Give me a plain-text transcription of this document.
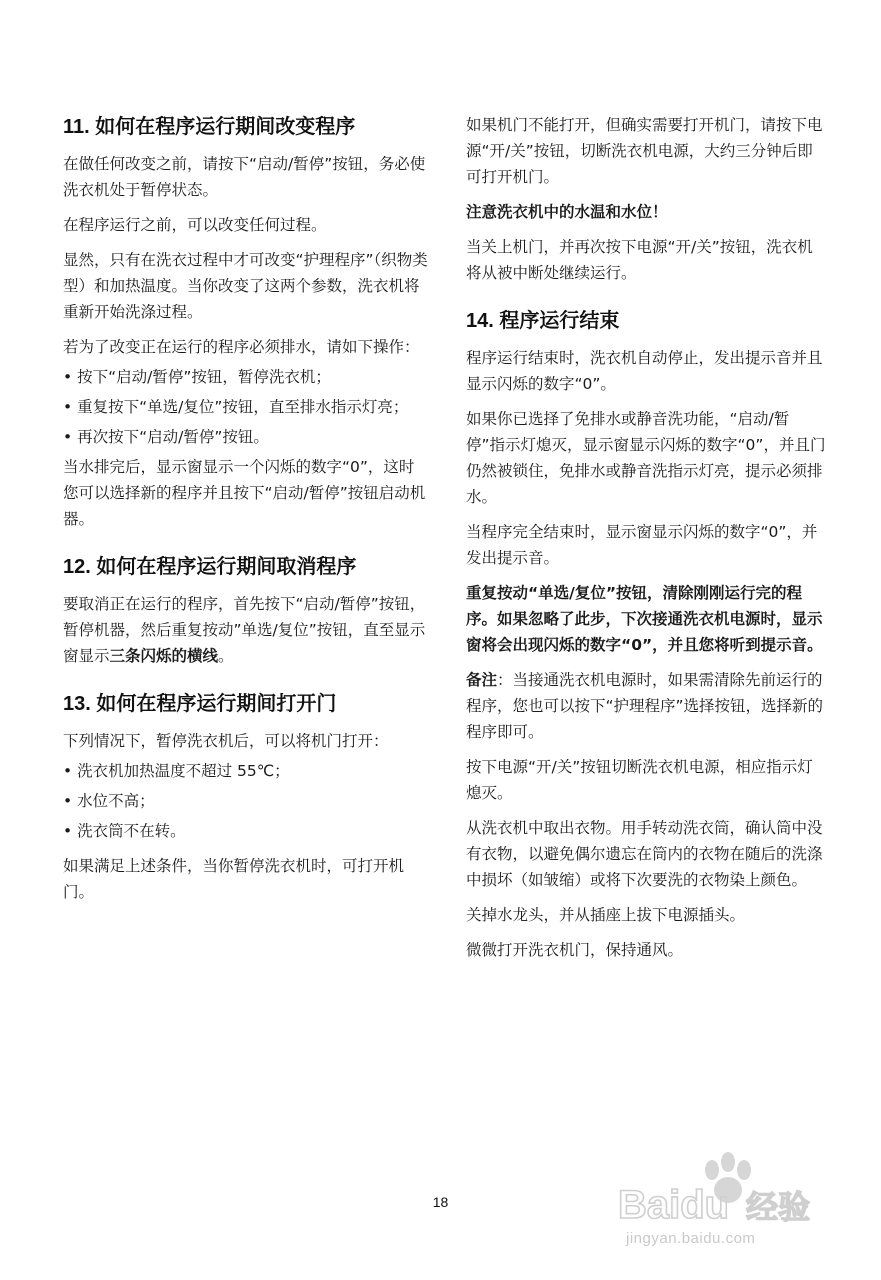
11. 如何在程序运行期间改变程序

在做任何改变之前，请按下“启动/暂停”按钮，务必使洗衣机处于暂停状态。

在程序运行之前，可以改变任何过程。

显然，只有在洗衣过程中才可改变“护理程序”（织物类型）和加热温度。当你改变了这两个参数，洗衣机将重新开始洗涤过程。

若为了改变正在运行的程序必须排水，请如下操作：

• 按下“启动/暂停”按钮，暂停洗衣机；

• 重复按下“单选/复位”按钮，直至排水指示灯亮；

• 再次按下“启动/暂停”按钮。

当水排完后，显示窗显示一个闪烁的数字“0”，这时您可以选择新的程序并且按下“启动/暂停”按钮启动机器。

12. 如何在程序运行期间取消程序

要取消正在运行的程序，首先按下“启动/暂停”按钮，暂停机器，然后重复按动”单选/复位”按钮，直至显示窗显示三条闪烁的横线。

13. 如何在程序运行期间打开门

下列情况下，暂停洗衣机后，可以将机门打开：

• 洗衣机加热温度不超过 55℃；

• 水位不高；

• 洗衣筒不在转。

如果满足上述条件，当你暂停洗衣机时，可打开机门。

如果机门不能打开，但确实需要打开机门，请按下电源“开/关”按钮，切断洗衣机电源，大约三分钟后即可打开机门。

注意洗衣机中的水温和水位！

当关上机门，并再次按下电源“开/关”按钮，洗衣机将从被中断处继续运行。

14. 程序运行结束

程序运行结束时，洗衣机自动停止，发出提示音并且显示闪烁的数字“0”。

如果你已选择了免排水或静音洗功能，“启动/暂停”指示灯熄灭，显示窗显示闪烁的数字“0”，并且门仍然被锁住，免排水或静音洗指示灯亮，提示必须排水。

当程序完全结束时，显示窗显示闪烁的数字“0”，并发出提示音。

重复按动“单选/复位”按钮，清除刚刚运行完的程序。如果忽略了此步，下次接通洗衣机电源时，显示窗将会出现闪烁的数字“0”，并且您将听到提示音。

备注：当接通洗衣机电源时，如果需清除先前运行的程序，您也可以按下“护理程序”选择按钮，选择新的程序即可。

按下电源“开/关”按钮切断洗衣机电源，相应指示灯熄灭。

从洗衣机中取出衣物。用手转动洗衣筒，确认筒中没有衣物，以避免偶尔遗忘在筒内的衣物在随后的洗涤中损坏（如皱缩）或将下次要洗的衣物染上颜色。

关掉水龙头，并从插座上拔下电源插头。

微微打开洗衣机门，保持通风。

18	Baidu 经验
jingyan.baidu.com
